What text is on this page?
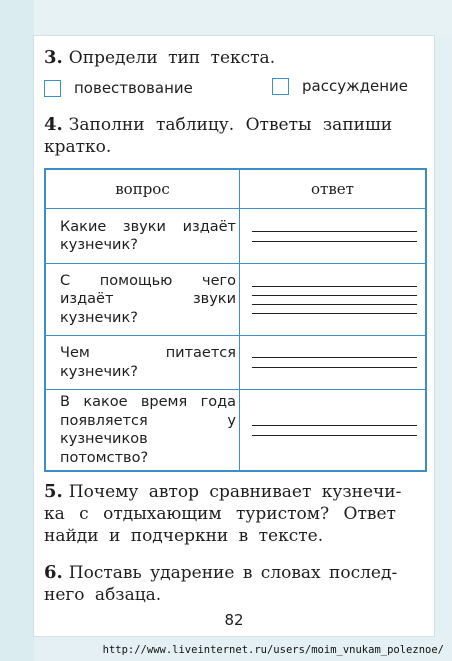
3. Определи тип текста.
повествование	рассуждение
4. Заполни таблицу. Ответы запиши
кратко.
вопрос	ответ
Какие звуки издаёт кузнечик?	

С помощью чего издаёт звуки кузнечик?	

Чем питается кузнечик?	

В какое время года появляется у кузнечиков потомство?	
5. Почему автор сравнивает кузнечи-
ка с отдыхающим туристом? Ответ
найди и подчеркни в тексте.
6. Поставь ударение в словах послед-
него абзаца.
82
http://www.liveinternet.ru/users/moim_vnukam_poleznoe/
